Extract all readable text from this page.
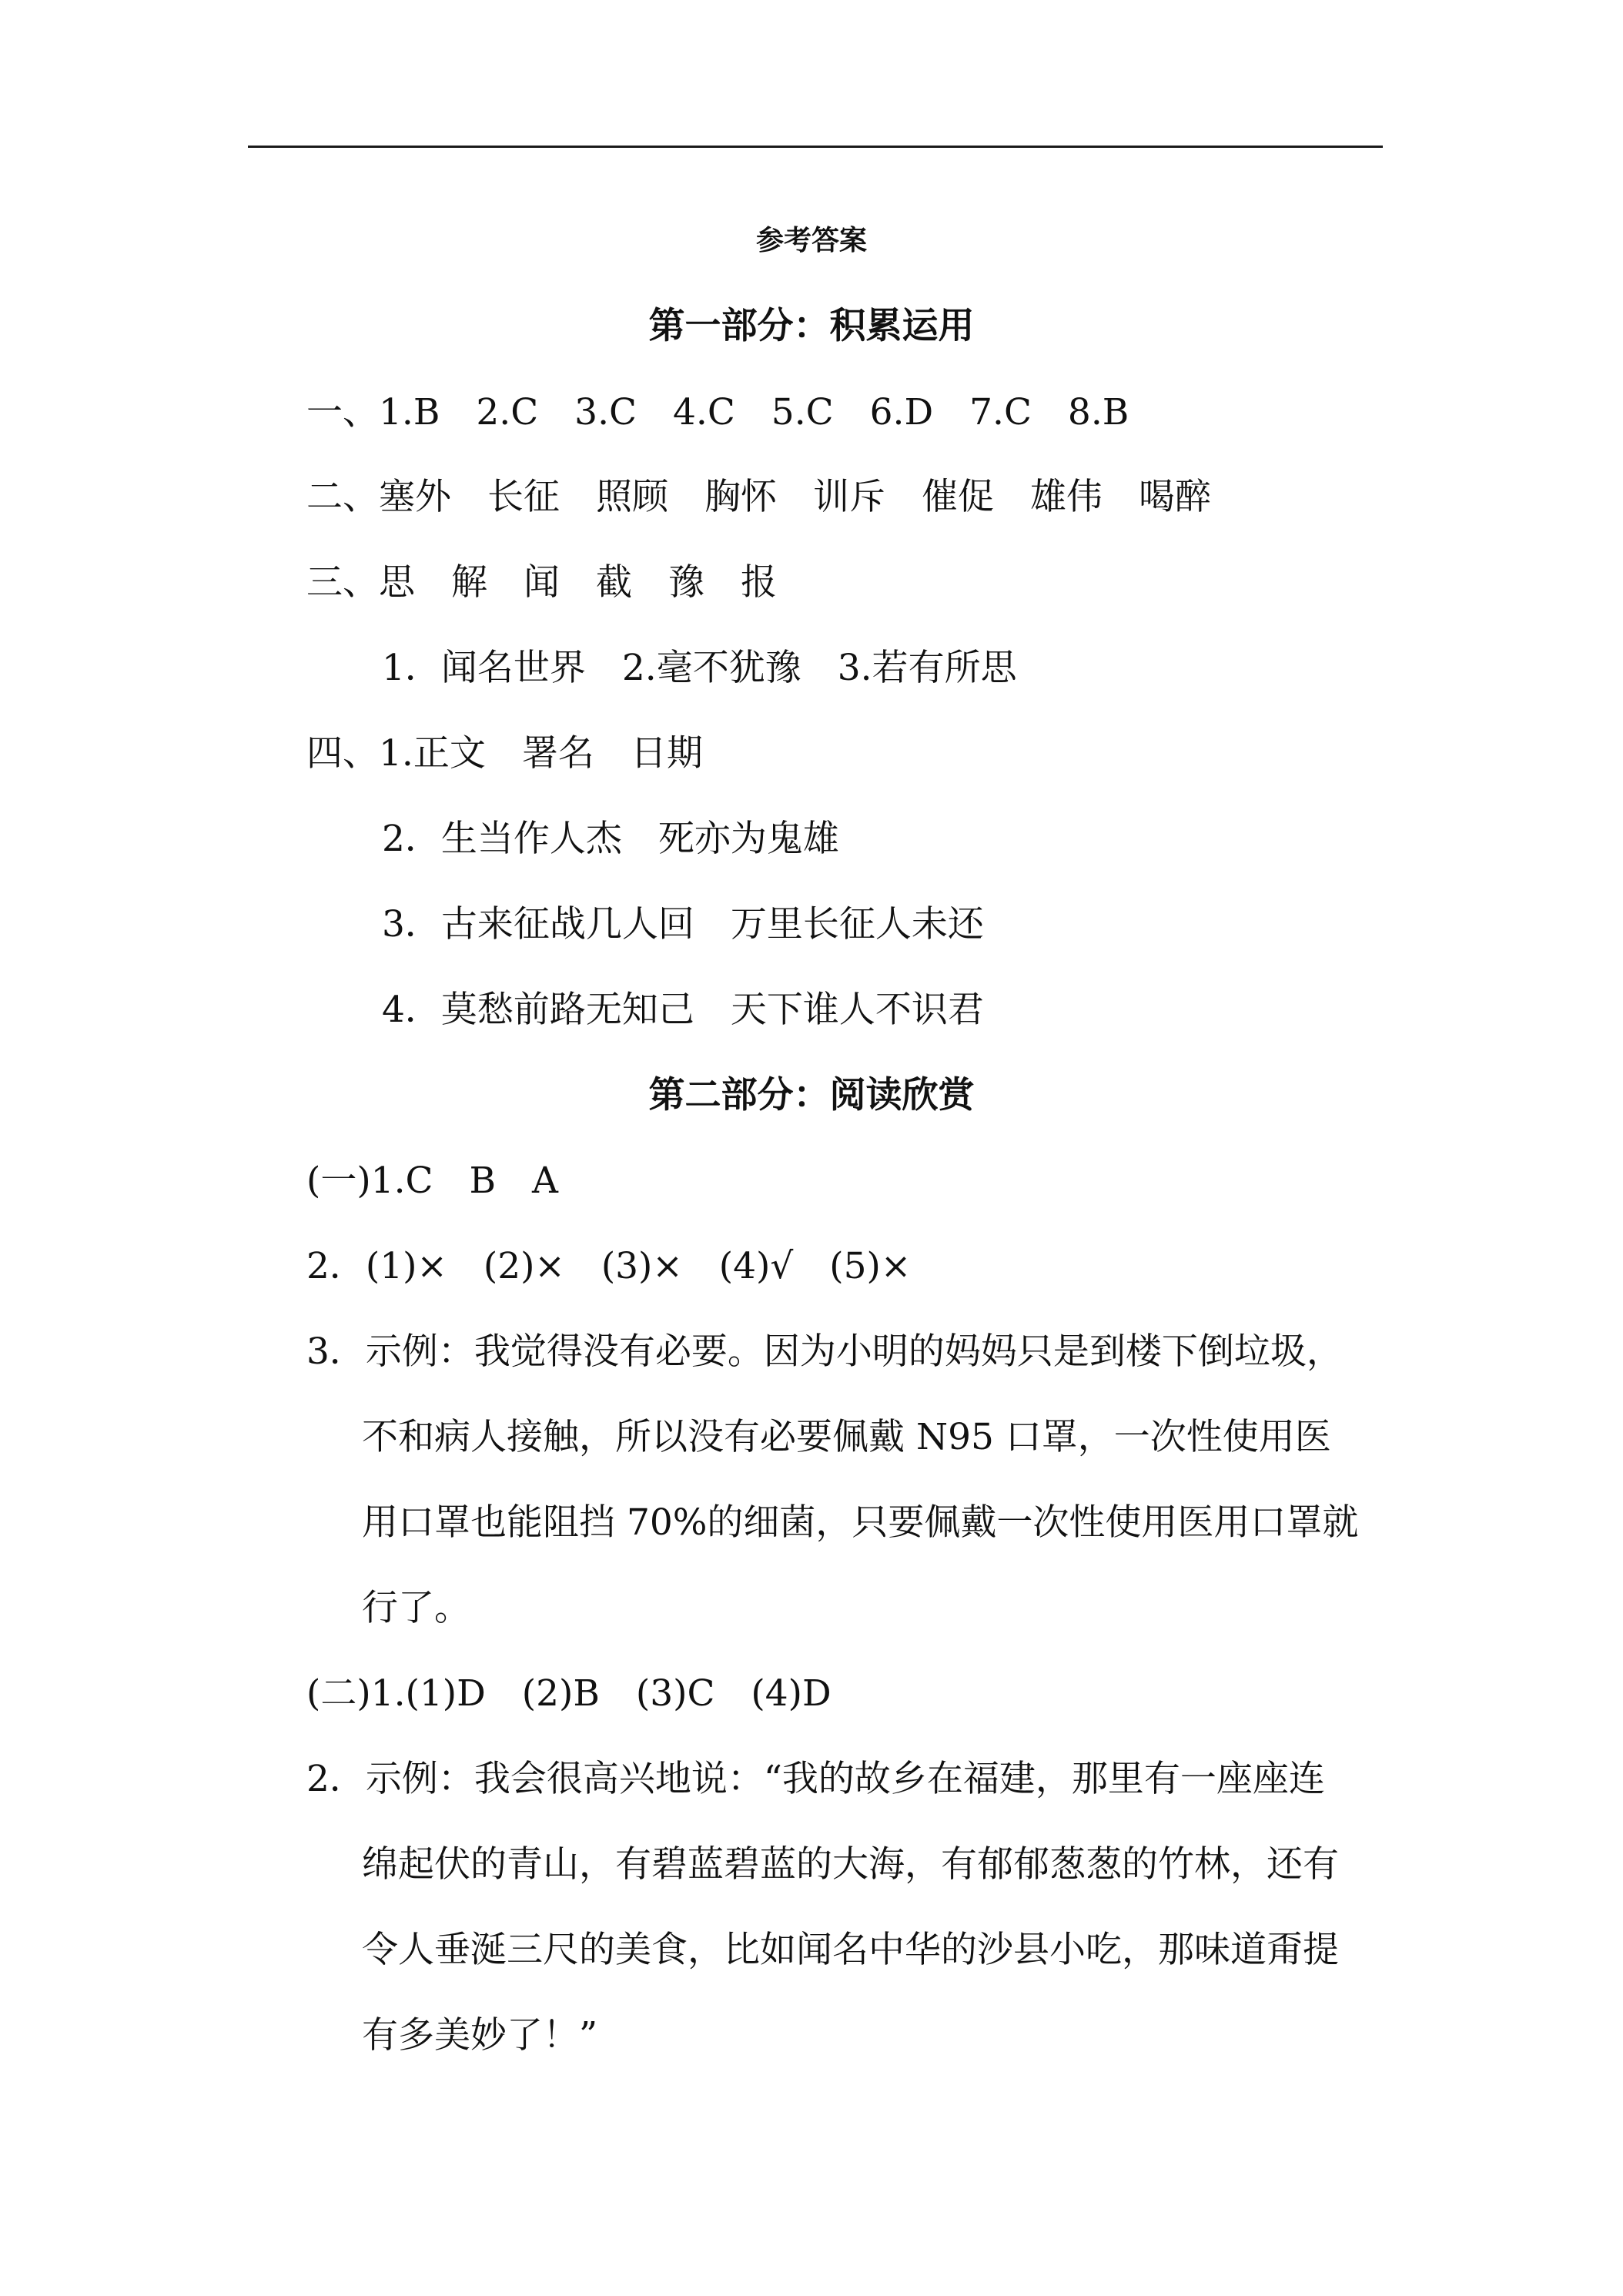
参考答案
第一部分：积累运用
一、1.B　2.C　3.C　4.C　5.C　6.D　7.C　8.B
二、塞外　长征　照顾　胸怀　训斥　催促　雄伟　喝醉
三、思　解　闻　截　豫　报
1．闻名世界　2.毫不犹豫　3.若有所思
四、1.正文　署名　日期
2．生当作人杰　死亦为鬼雄
3．古来征战几人回　万里长征人未还
4．莫愁前路无知己　天下谁人不识君
第二部分：阅读欣赏
(一)1.C　B　A
2．(1)×　(2)×　(3)×　(4)√　(5)×
3．示例：我觉得没有必要。因为小明的妈妈只是到楼下倒垃圾，
不和病人接触，所以没有必要佩戴 N95 口罩，一次性使用医
用口罩也能阻挡 70%的细菌，只要佩戴一次性使用医用口罩就
行了。
(二)1.(1)D　(2)B　(3)C　(4)D
2．示例：我会很高兴地说：“我的故乡在福建，那里有一座座连
绵起伏的青山，有碧蓝碧蓝的大海，有郁郁葱葱的竹林，还有
令人垂涎三尺的美食，比如闻名中华的沙县小吃，那味道甭提
有多美妙了！”
